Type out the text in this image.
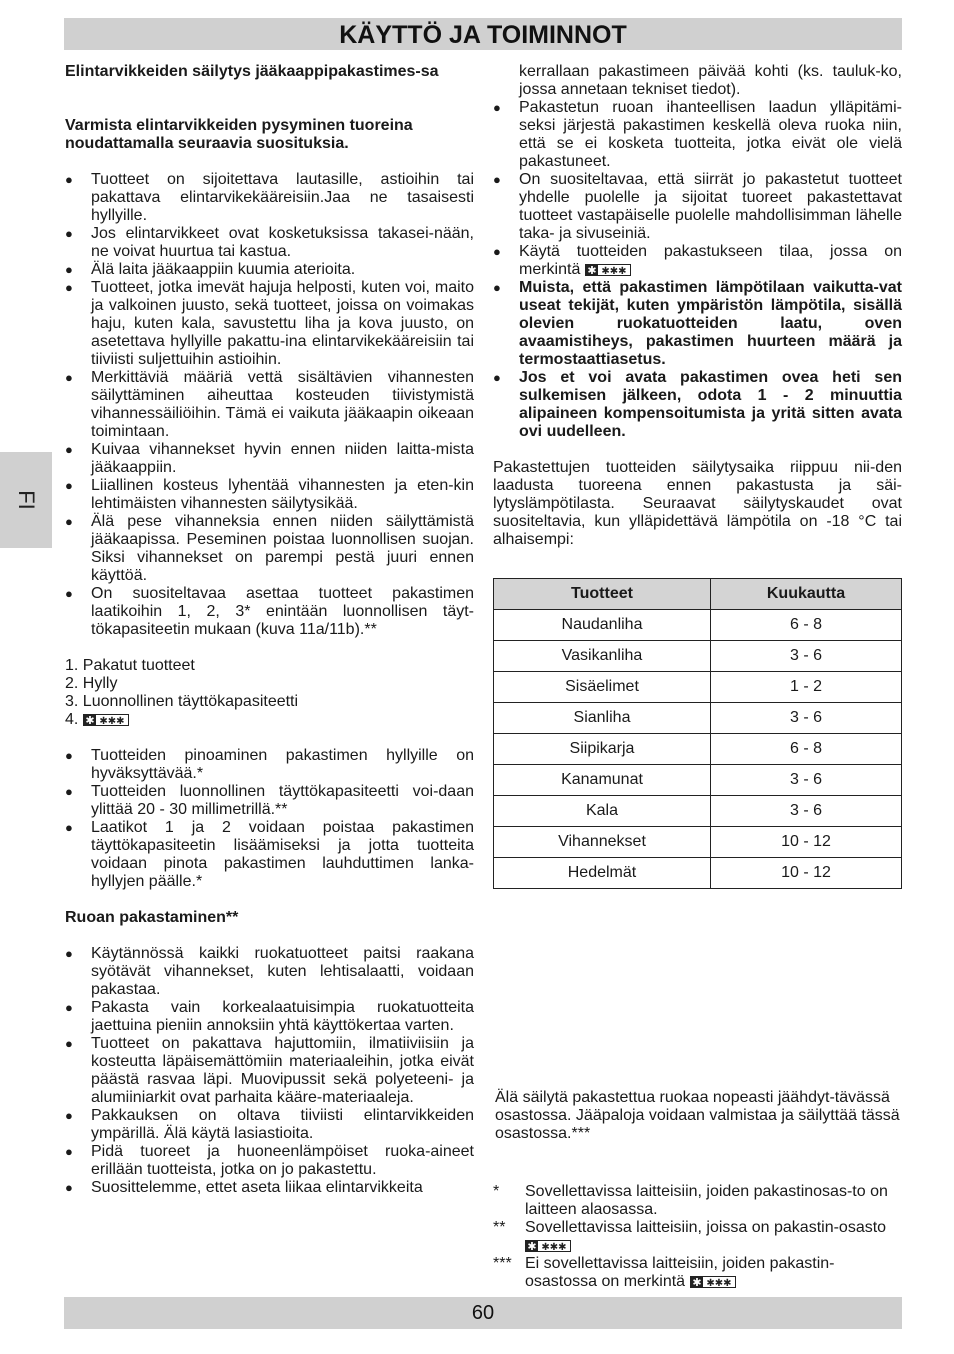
KÄYTTÖ JA TOIMINNOT
FI

Elintarvikkeiden säilytys jääkaappipakastimes-sa

Varmista elintarvikkeiden pysyminen tuoreina noudattamalla seuraavia suosituksia.

● Tuotteet on sijoitettava lautasille, astioihin tai pakattava elintarvikekääreisiin.Jaa ne tasaisesti hyllyille.
● Jos elintarvikkeet ovat kosketuksissa takasei-nään, ne voivat huurtua tai kastua.
● Älä laita jääkaappiin kuumia aterioita.
● Tuotteet, jotka imevät hajuja helposti, kuten voi, maito ja valkoinen juusto, sekä tuotteet, joissa on voimakas haju, kuten kala, savustettu liha ja kova juusto, on asetettava hyllyille pakattu-ina elintarvikekääreisiin tai tiiviisti suljettuihin astioihin.
● Merkittäviä määriä vettä sisältävien vihannesten säilyttäminen aiheuttaa kosteuden tiivistymistä vihannessäiliöihin. Tämä ei vaikuta jääkaapin oikeaan toimintaan.
● Kuivaa vihannekset hyvin ennen niiden laitta-mista jääkaappiin.
● Liiallinen kosteus lyhentää vihannesten ja eten-kin lehtimäisten vihannesten säilytysikää.
● Älä pese vihanneksia ennen niiden säilyttämistä jääkaapissa. Peseminen poistaa luonnollisen suojan. Siksi vihannekset on parempi pestä juuri ennen käyttöä.
● On suositeltavaa asettaa tuotteet pakastimen laatikoihin 1, 2, 3* enintään luonnollisen täyt-tökapasiteetin mukaan (kuva 11a/11b).**

1. Pakatut tuotteet

2. Hylly

3. Luonnollinen täyttökapasiteetti

4. ✱ ✱✱✱

● Tuotteiden pinoaminen pakastimen hyllyille on hyväksyttävää.*
● Tuotteiden luonnollinen täyttökapasiteetti voi-daan ylittää 20 - 30 millimetrillä.**
● Laatikot 1 ja 2 voidaan poistaa pakastimen täyttökapasiteetin lisäämiseksi ja jotta tuotteita voidaan pinota pakastimen lauhduttimen lanka-hyllyjen päälle.*

Ruoan pakastaminen**

● Käytännössä kaikki ruokatuotteet paitsi raakana syötävät vihannekset, kuten lehtisalaatti, voidaan pakastaa.
● Pakasta vain korkealaatuisimpia ruokatuotteita jaettuina pieniin annoksiin yhtä käyttökertaa varten.
● Tuotteet on pakattava hajuttomiin, ilmatiiviisiin ja kosteutta läpäisemättömiin materiaaleihin, jotka eivät päästä rasvaa läpi. Muovipussit sekä polyeteeni- ja alumiiniarkit ovat parhaita kääre-materiaaleja.
● Pakkauksen on oltava tiiviisti elintarvikkeiden ympärillä. Älä käytä lasiastioita.
● Pidä tuoreet ja huoneenlämpöiset ruoka-aineet erillään tuotteista, jotka on jo pakastettu.
● Suosittelemme, ettet aseta liikaa elintarvikkeita

kerrallaan pakastimeen päivää kohti (ks. tauluk-ko, jossa annetaan tekniset tiedot).

● Pakastetun ruoan ihanteellisen laadun ylläpitämi-seksi järjestä pakastimen keskellä oleva ruoka niin, että se ei kosketa tuotteita, jotka eivät ole vielä pakastuneet.
● On suositeltavaa, että siirrät jo pakastetut tuotteet yhdelle puolelle ja sijoitat tuoreet pakastettavat tuotteet vastapäiselle puolelle mahdollisimman lähelle taka- ja sivuseiniä.
● Käytä tuotteiden pakastukseen tilaa, jossa on merkintä ✱ ✱✱✱
● Muista, että pakastimen lämpötilaan vaikutta-vat useat tekijät, kuten ympäristön lämpötila, sisällä olevien ruokatuotteiden laatu, oven avaamistiheys, pakastimen huurteen määrä ja termostaattiasetus.
● Jos et voi avata pakastimen ovea heti sen sulkemisen jälkeen, odota 1 - 2 minuuttia alipaineen kompensoitumista ja yritä sitten avata ovi uudelleen.

Pakastettujen tuotteiden säilytysaika riippuu nii-den laadusta tuoreena ennen pakastusta ja säi-lytyslämpötilasta. Seuraavat säilytyskaudet ovat suositeltavia, kun ylläpidettävä lämpötila on -18 °C tai alhaisempi:

Tuotteet	Kuukautta
Naudanliha	6 - 8
Vasikanliha	3 - 6
Sisäelimet	1 - 2
Sianliha	3 - 6
Siipikarja	6 - 8
Kanamunat	3 - 6
Kala	3 - 6
Vihannekset	10 - 12
Hedelmät	10 - 12

Älä säilytä pakastettua ruokaa nopeasti jäähdyt-tävässä osastossa. Jääpaloja voidaan valmistaa ja säilyttää tässä osastossa.***

* Sovellettavissa laitteisiin, joiden pakastinosas-to on laitteen alaosassa.
** Sovellettavissa laitteisiin, joissa on pakastin-osasto
✱ ✱✱✱
*** Ei sovellettavissa laitteisiin, joiden pakastin-osastossa on merkintä ✱ ✱✱✱
60
